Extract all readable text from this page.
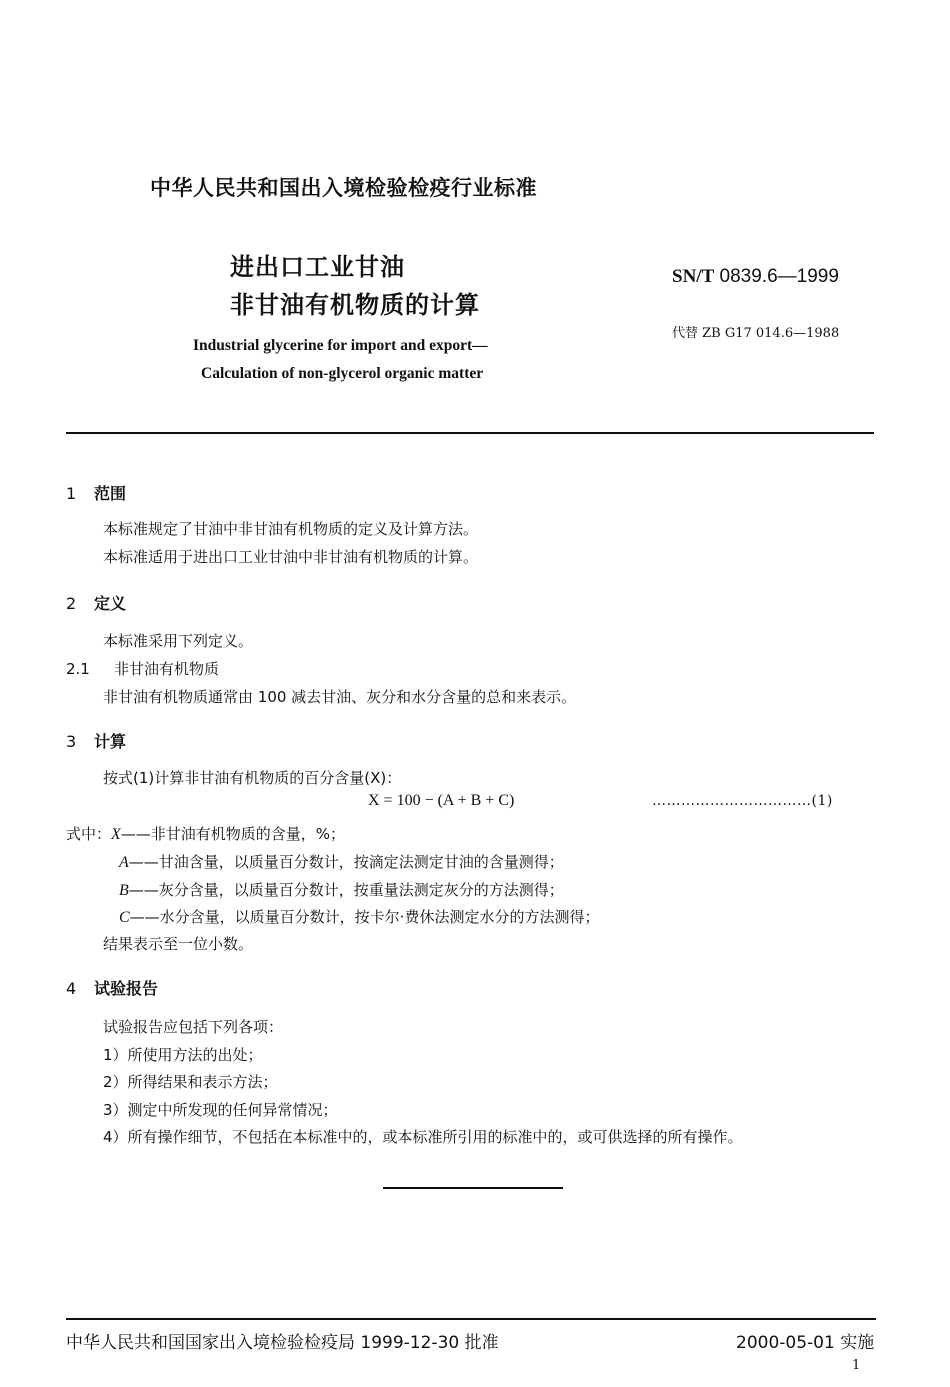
中华人民共和国出入境检验检疫行业标准
进出口工业甘油
非甘油有机物质的计算
SN/T 0839.6—1999
代替 ZB G17 014.6—1988
Industrial glycerine for import and export—
Calculation of non-glycerol organic matter
1 范围
本标准规定了甘油中非甘油有机物质的定义及计算方法。
本标准适用于进出口工业甘油中非甘油有机物质的计算。
2 定义
本标准采用下列定义。
2.1 非甘油有机物质
非甘油有机物质通常由 100 减去甘油、灰分和水分含量的总和来表示。
3 计算
按式(1)计算非甘油有机物质的百分含量(X)：
X = 100 − (A + B + C)	……………………………(1)
式中：X——非甘油有机物质的含量，%；
A——甘油含量，以质量百分数计，按滴定法测定甘油的含量测得；
B——灰分含量，以质量百分数计，按重量法测定灰分的方法测得；
C——水分含量，以质量百分数计，按卡尔·费休法测定水分的方法测得；
结果表示至一位小数。
4 试验报告
试验报告应包括下列各项：
1）所使用方法的出处；
2）所得结果和表示方法；
3）测定中所发现的任何异常情况；
4）所有操作细节，不包括在本标准中的，或本标准所引用的标准中的，或可供选择的所有操作。
中华人民共和国国家出入境检验检疫局 1999-12-30 批准	2000-05-01 实施
1
